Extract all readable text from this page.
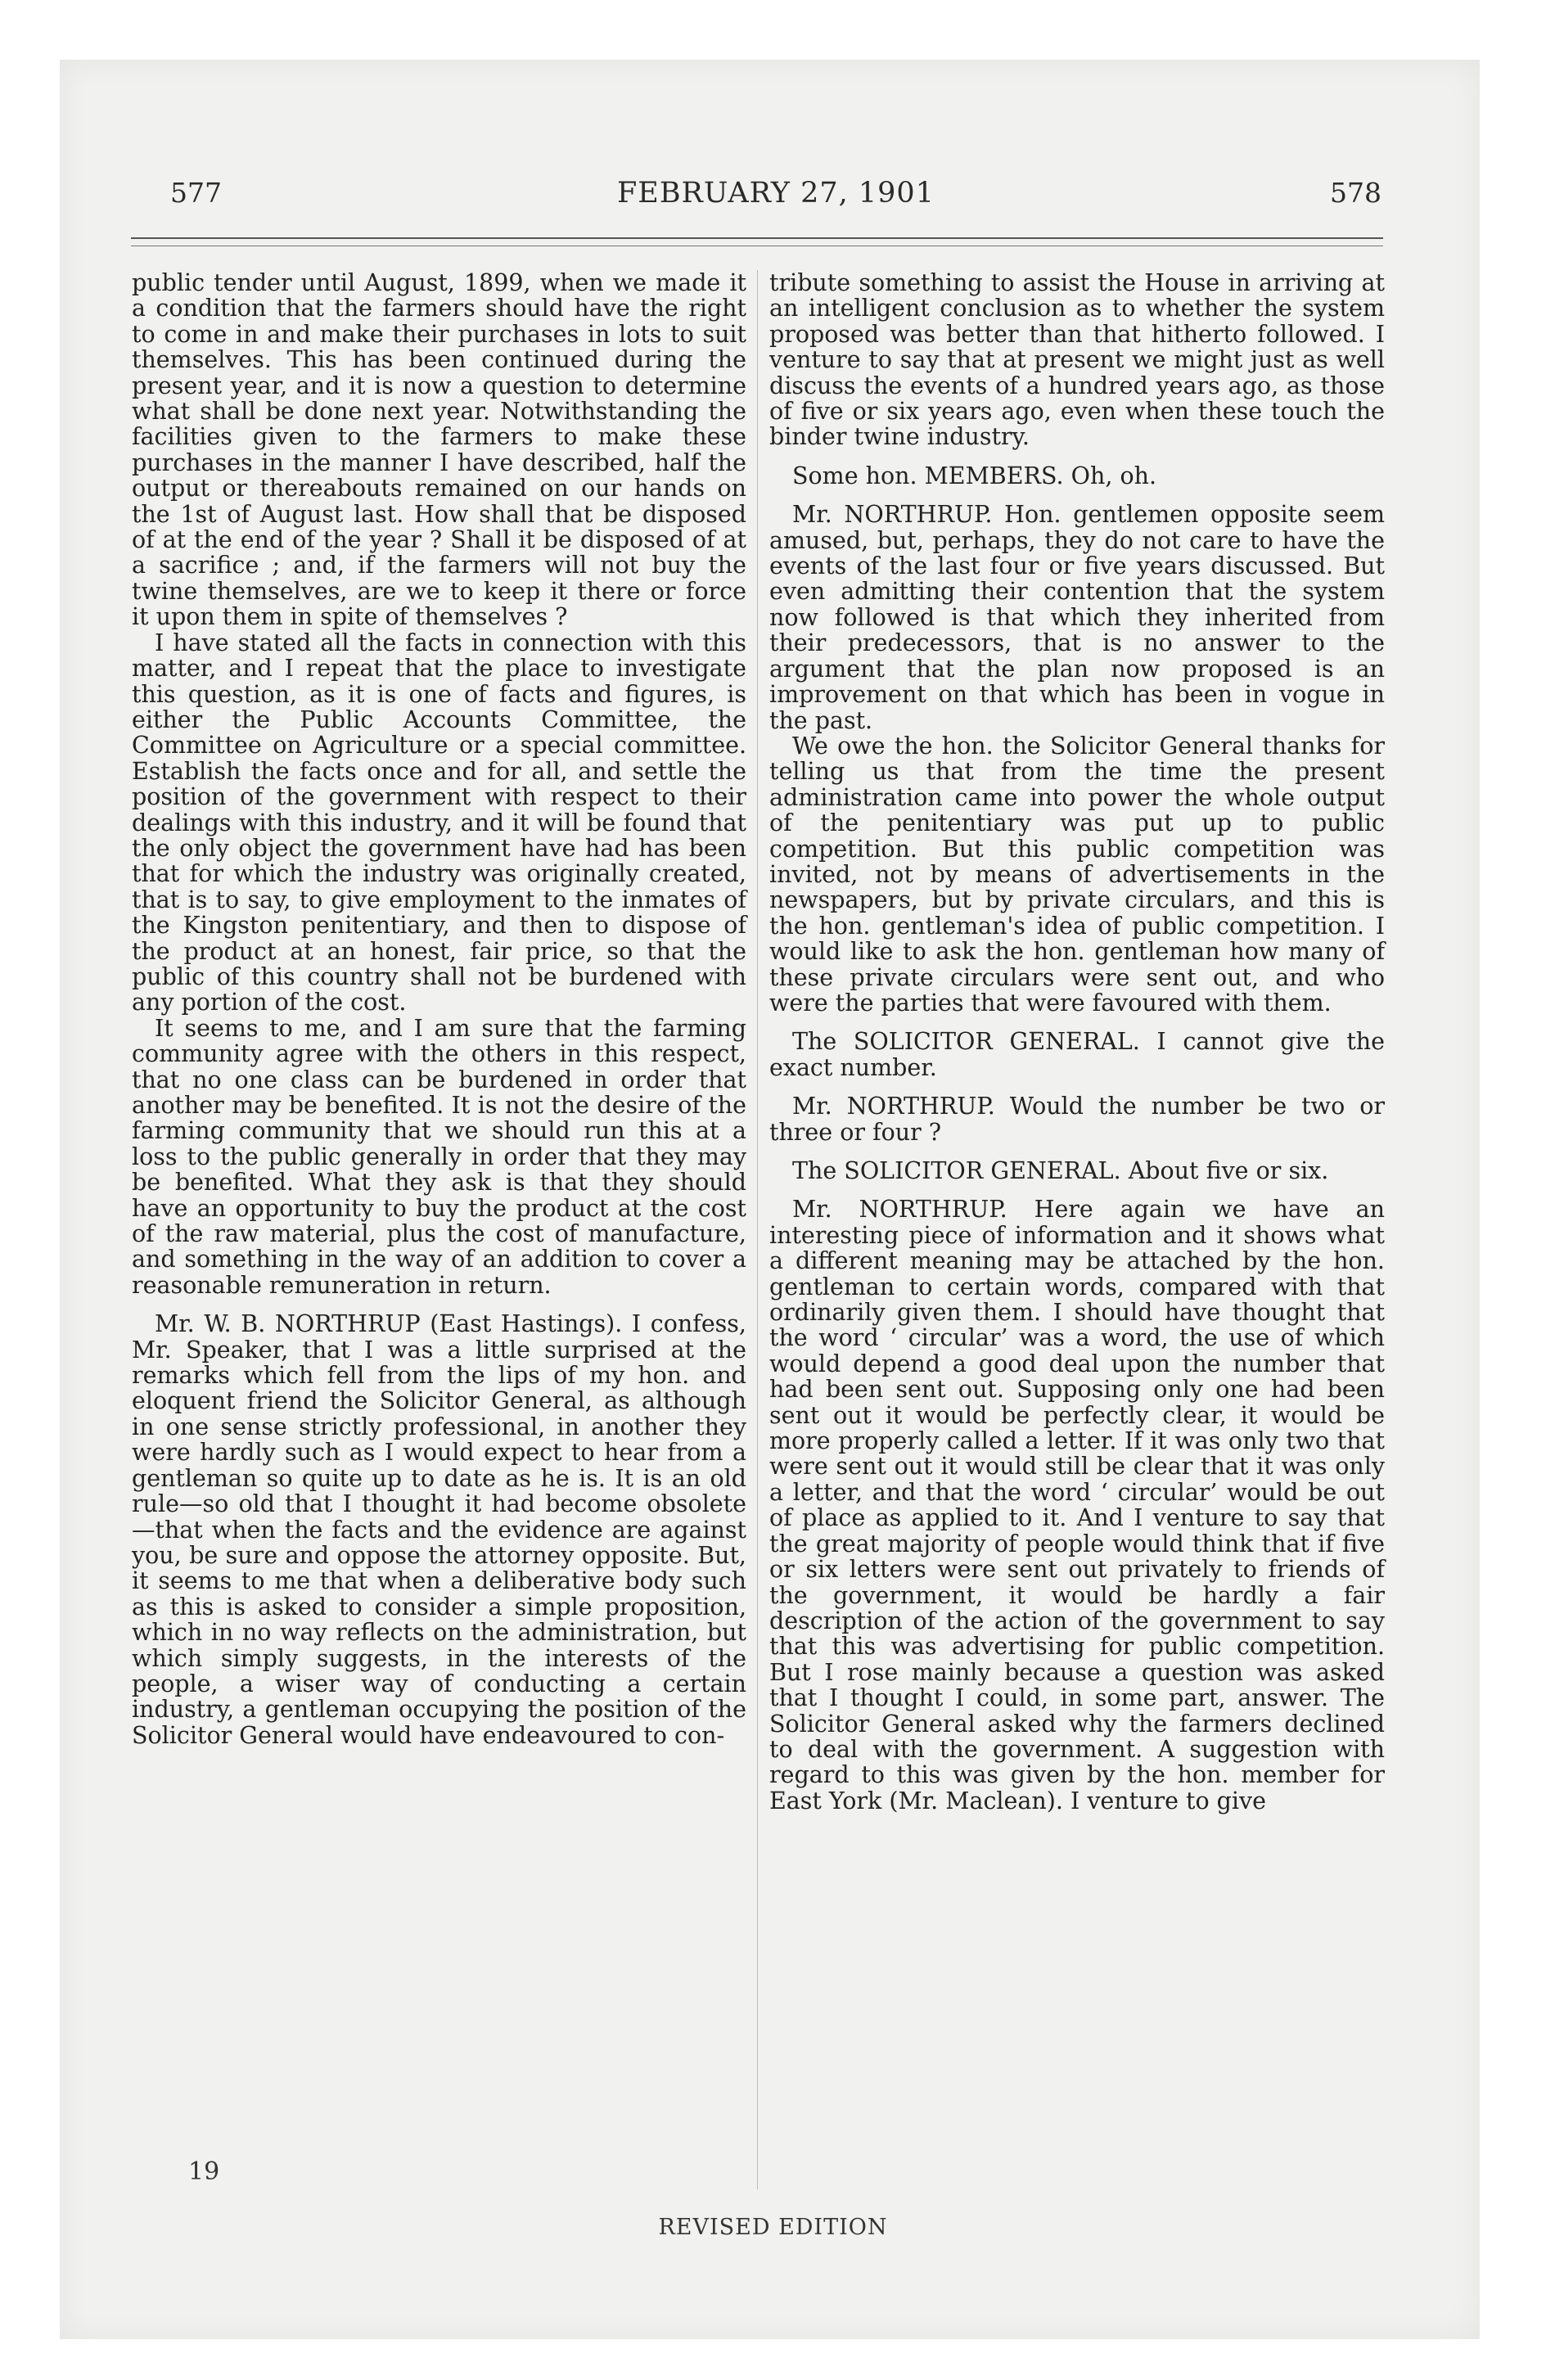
577	FEBRUARY 27, 1901	578

public tender until August, 1899, when we made it a condition that the farmers should have the right to come in and make their purchases in lots to suit themselves. This has been continued during the present year, and it is now a question to determine what shall be done next year. Notwithstanding the facilities given to the farmers to make these purchases in the manner I have described, half the output or thereabouts remained on our hands on the 1st of August last. How shall that be disposed of at the end of the year ? Shall it be disposed of at a sacrifice ; and, if the farmers will not buy the twine themselves, are we to keep it there or force it upon them in spite of themselves ?

I have stated all the facts in connection with this matter, and I repeat that the place to investigate this question, as it is one of facts and figures, is either the Public Accounts Committee, the Committee on Agriculture or a special committee. Establish the facts once and for all, and settle the position of the government with respect to their dealings with this industry, and it will be found that the only object the government have had has been that for which the industry was originally created, that is to say, to give employment to the inmates of the Kingston penitentiary, and then to dispose of the product at an honest, fair price, so that the public of this country shall not be burdened with any portion of the cost.

It seems to me, and I am sure that the farming community agree with the others in this respect, that no one class can be burdened in order that another may be benefited. It is not the desire of the farming community that we should run this at a loss to the public generally in order that they may be benefited. What they ask is that they should have an opportunity to buy the product at the cost of the raw material, plus the cost of manufacture, and something in the way of an addition to cover a reasonable remuneration in return.

Mr. W. B. NORTHRUP (East Hastings). I confess, Mr. Speaker, that I was a little surprised at the remarks which fell from the lips of my hon. and eloquent friend the Solicitor General, as although in one sense strictly professional, in another they were hardly such as I would expect to hear from a gentleman so quite up to date as he is. It is an old rule—so old that I thought it had become obsolete—that when the facts and the evidence are against you, be sure and oppose the attorney opposite. But, it seems to me that when a deliberative body such as this is asked to consider a simple proposition, which in no way reflects on the administration, but which simply suggests, in the interests of the people, a wiser way of conducting a certain industry, a gentleman occupying the position of the Solicitor General would have endeavoured to con-

tribute something to assist the House in arriving at an intelligent conclusion as to whether the system proposed was better than that hitherto followed. I venture to say that at present we might just as well discuss the events of a hundred years ago, as those of five or six years ago, even when these touch the binder twine industry.

Some hon. MEMBERS. Oh, oh.

Mr. NORTHRUP. Hon. gentlemen opposite seem amused, but, perhaps, they do not care to have the events of the last four or five years discussed. But even admitting their contention that the system now followed is that which they inherited from their predecessors, that is no answer to the argument that the plan now proposed is an improvement on that which has been in vogue in the past.

We owe the hon. the Solicitor General thanks for telling us that from the time the present administration came into power the whole output of the penitentiary was put up to public competition. But this public competition was invited, not by means of advertisements in the newspapers, but by private circulars, and this is the hon. gentleman's idea of public competition. I would like to ask the hon. gentleman how many of these private circulars were sent out, and who were the parties that were favoured with them.

The SOLICITOR GENERAL. I cannot give the exact number.

Mr. NORTHRUP. Would the number be two or three or four ?

The SOLICITOR GENERAL. About five or six.

Mr. NORTHRUP. Here again we have an interesting piece of information and it shows what a different meaning may be attached by the hon. gentleman to certain words, compared with that ordinarily given them. I should have thought that the word ‘ circular’ was a word, the use of which would depend a good deal upon the number that had been sent out. Supposing only one had been sent out it would be perfectly clear, it would be more properly called a letter. If it was only two that were sent out it would still be clear that it was only a letter, and that the word ‘ circular’ would be out of place as applied to it. And I venture to say that the great majority of people would think that if five or six letters were sent out privately to friends of the government, it would be hardly a fair description of the action of the government to say that this was advertising for public competition. But I rose mainly because a question was asked that I thought I could, in some part, answer. The Solicitor General asked why the farmers declined to deal with the government. A suggestion with regard to this was given by the hon. member for East York (Mr. Maclean). I venture to give

19
REVISED EDITION
